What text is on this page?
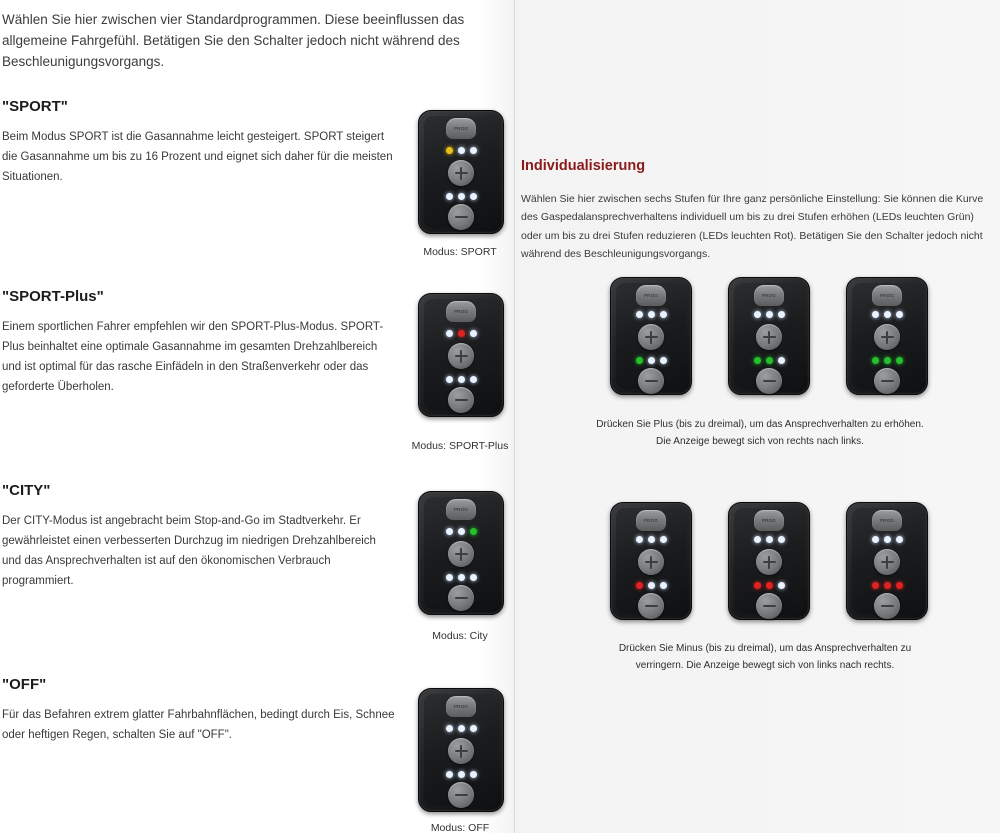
Wählen Sie hier zwischen vier Standardprogrammen. Diese beeinflussen das allgemeine Fahrgefühl. Betätigen Sie den Schalter jedoch nicht während des Beschleunigungsvorgangs.
"SPORT"
Beim Modus SPORT ist die Gasannahme leicht gesteigert. SPORT steigert die Gasannahme um bis zu 16 Prozent und eignet sich daher für die meisten Situationen.
"SPORT-Plus"
Einem sportlichen Fahrer empfehlen wir den SPORT-Plus-Modus. SPORT-Plus beinhaltet eine optimale Gasannahme im gesamten Drehzahlbereich und ist optimal für das rasche Einfädeln in den Straßenverkehr oder das geforderte Überholen.
"CITY"
Der CITY-Modus ist angebracht beim Stop-and-Go im Stadtverkehr. Er gewährleistet einen verbesserten Durchzug im niedrigen Drehzahlbereich und das Ansprechverhalten ist auf den ökonomischen Verbrauch programmiert.
"OFF"
Für das Befahren extrem glatter Fahrbahnflächen, bedingt durch Eis, Schnee oder heftigen Regen, schalten Sie auf "OFF".
PROG
Modus: SPORT
PROG
Modus: SPORT-Plus
PROG
Modus: City
PROG
Modus: OFF
Individualisierung
Wählen Sie hier zwischen sechs Stufen für Ihre ganz persönliche Einstellung: Sie können die Kurve des Gaspedalansprechverhaltens individuell um bis zu drei Stufen erhöhen (LEDs leuchten Grün) oder um bis zu drei Stufen reduzieren (LEDs leuchten Rot). Betätigen Sie den Schalter jedoch nicht während des Beschleunigungsvorgangs.
PROG	PROG	PROG
Drücken Sie Plus (bis zu dreimal), um das Ansprechverhalten zu erhöhen. Die Anzeige bewegt sich von rechts nach links.
PROG	PROG	PROG
Drücken Sie Minus (bis zu dreimal), um das Ansprechverhalten zu verringern. Die Anzeige bewegt sich von links nach rechts.
